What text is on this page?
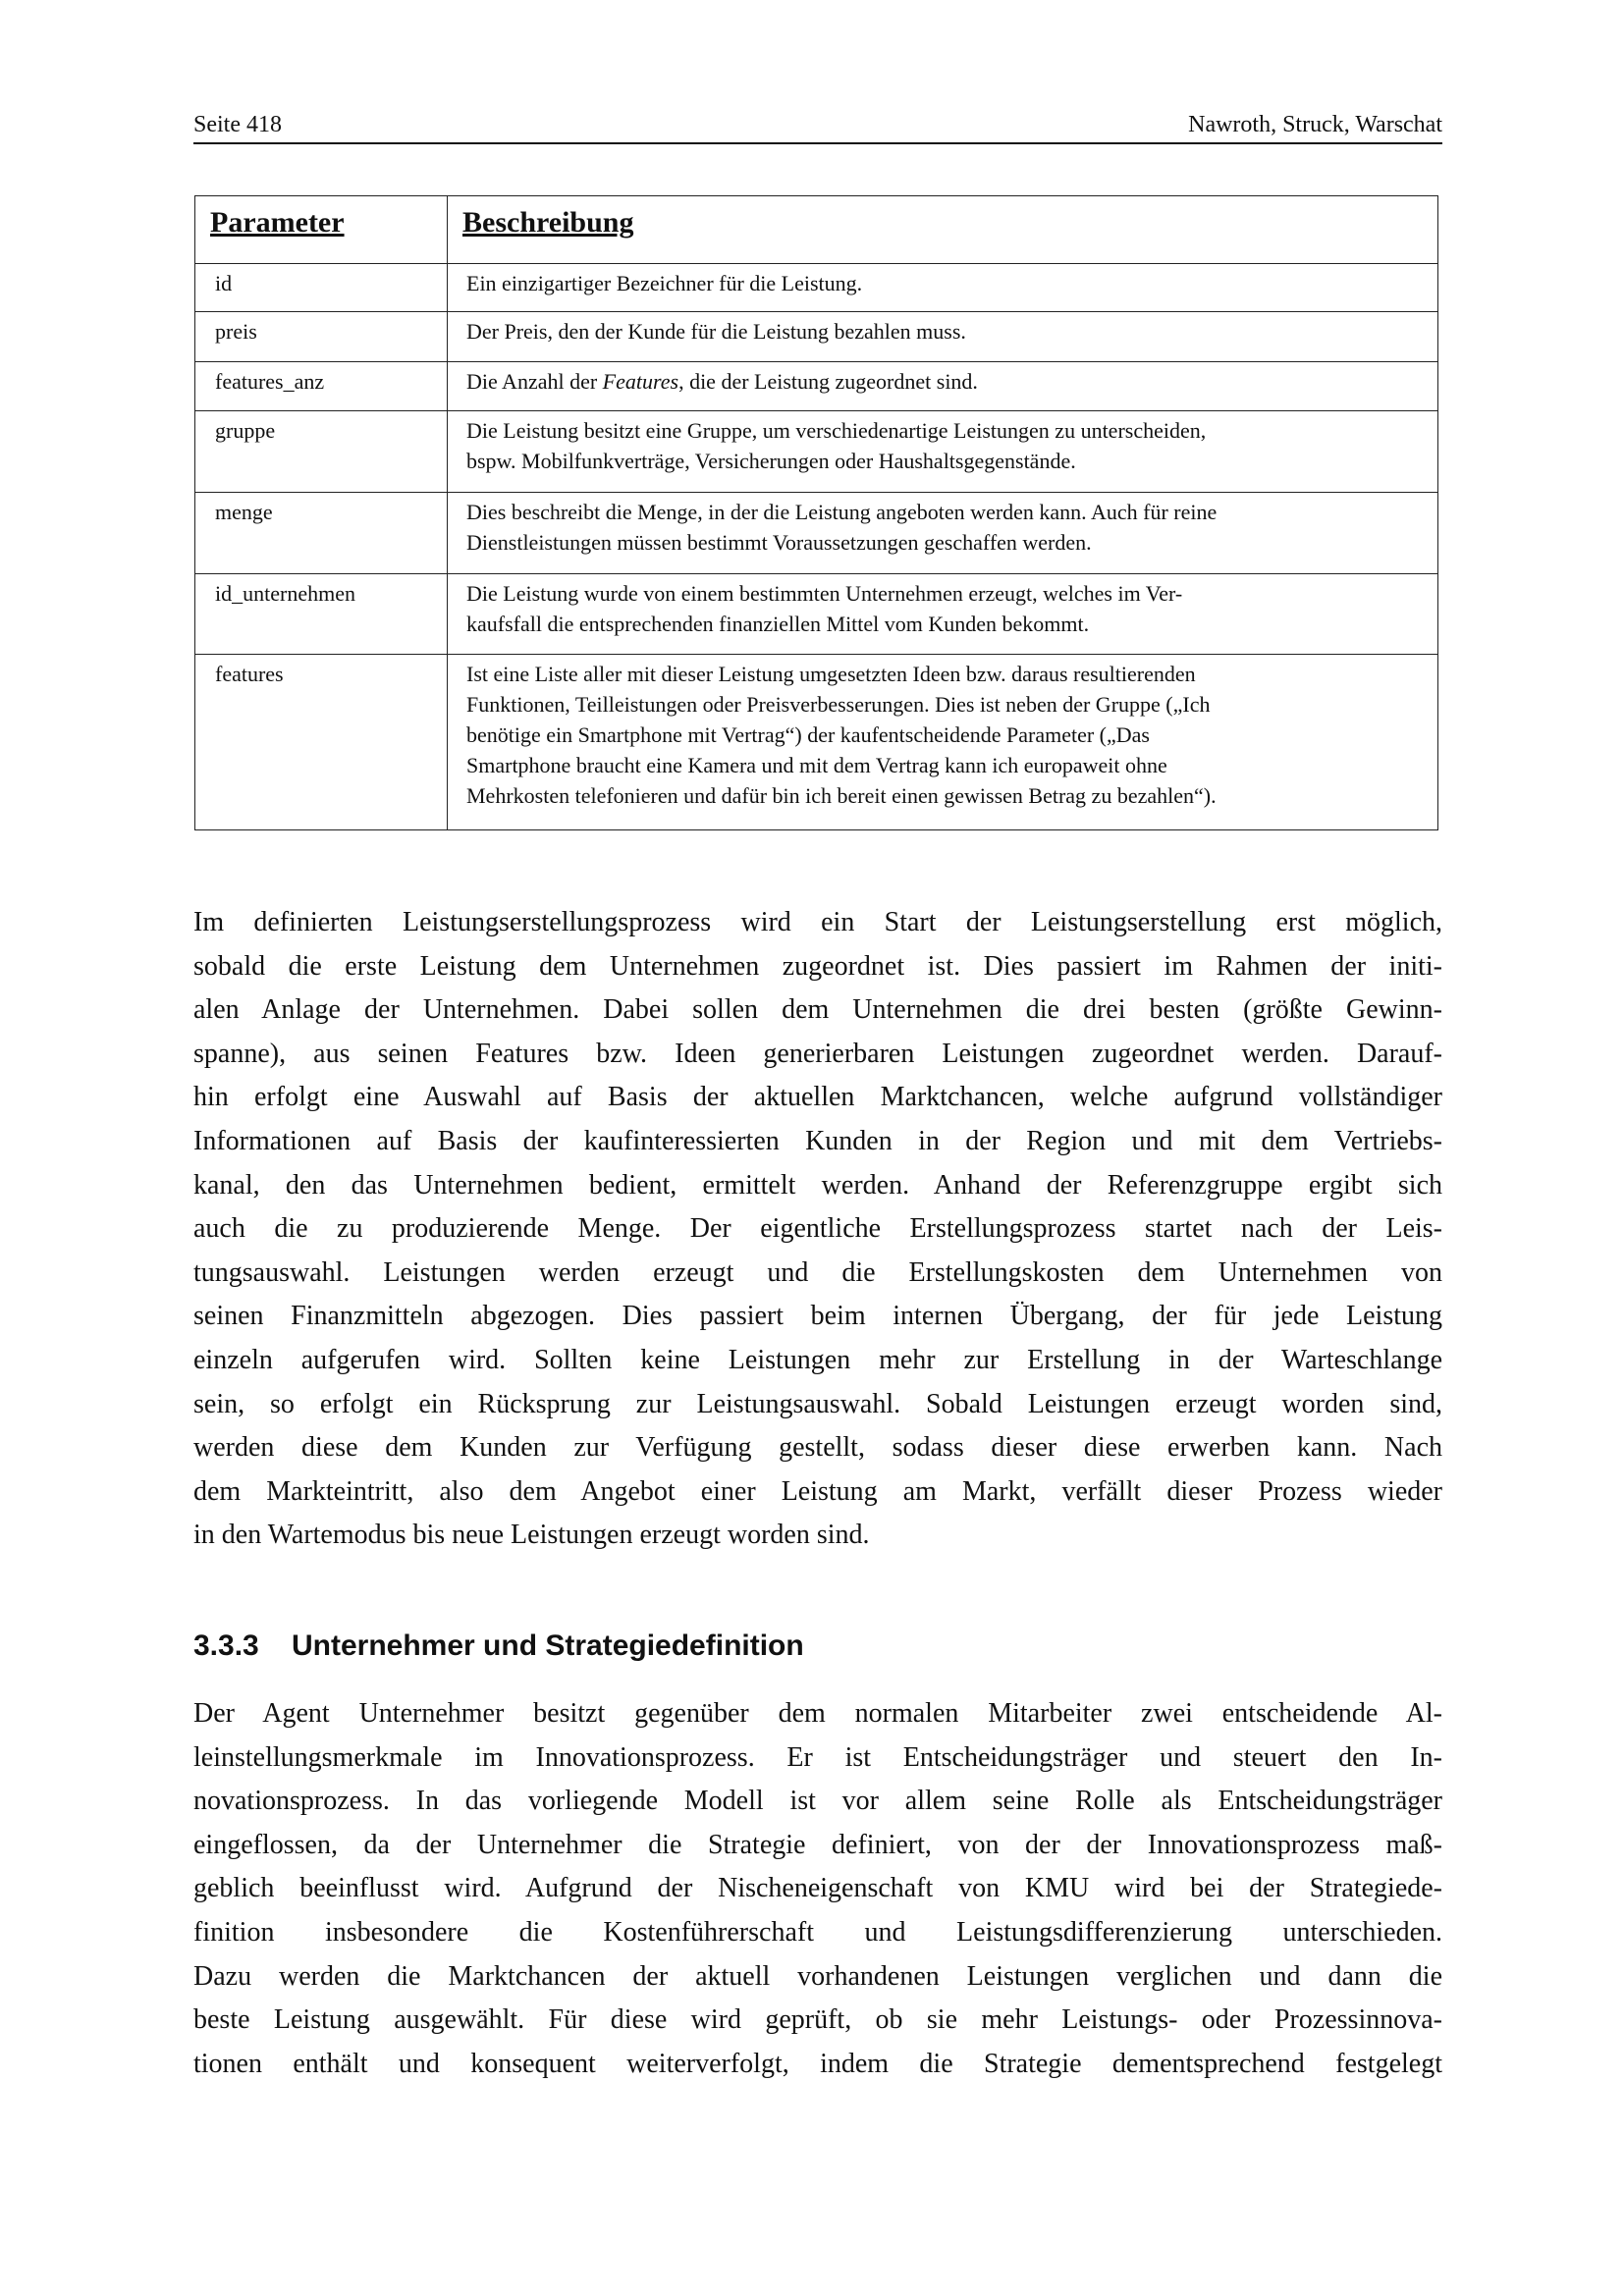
Seite 418	Nawroth, Struck, Warschat
Parameter	Beschreibung
id	Ein einzigartiger Bezeichner für die Leistung.

preis	Der Preis, den der Kunde für die Leistung bezahlen muss.

features_anz	Die Anzahl der Features, die der Leistung zugeordnet sind.

gruppe	Die Leistung besitzt eine Gruppe, um verschiedenartige Leistungen zu unterscheiden,
bspw. Mobilfunkverträge, Versicherungen oder Haushaltsgegenstände.

menge	Dies beschreibt die Menge, in der die Leistung angeboten werden kann. Auch für reine
Dienstleistungen müssen bestimmt Voraussetzungen geschaffen werden.

id_unternehmen	Die Leistung wurde von einem bestimmten Unternehmen erzeugt, welches im Ver-
kaufsfall die entsprechenden finanziellen Mittel vom Kunden bekommt.

features	Ist eine Liste aller mit dieser Leistung umgesetzten Ideen bzw. daraus resultierenden
Funktionen, Teilleistungen oder Preisverbesserungen. Dies ist neben der Gruppe („Ich
benötige ein Smartphone mit Vertrag“) der kaufentscheidende Parameter („Das
Smartphone braucht eine Kamera und mit dem Vertrag kann ich europaweit ohne
Mehrkosten telefonieren und dafür bin ich bereit einen gewissen Betrag zu bezahlen“).
Im definierten Leistungserstellungsprozess wird ein Start der Leistungserstellung erst möglich,
sobald die erste Leistung dem Unternehmen zugeordnet ist. Dies passiert im Rahmen der initi-
alen Anlage der Unternehmen. Dabei sollen dem Unternehmen die drei besten (größte Gewinn-
spanne), aus seinen Features bzw. Ideen generierbaren Leistungen zugeordnet werden. Darauf-
hin erfolgt eine Auswahl auf Basis der aktuellen Marktchancen, welche aufgrund vollständiger
Informationen auf Basis der kaufinteressierten Kunden in der Region und mit dem Vertriebs-
kanal, den das Unternehmen bedient, ermittelt werden. Anhand der Referenzgruppe ergibt sich
auch die zu produzierende Menge. Der eigentliche Erstellungsprozess startet nach der Leis-
tungsauswahl. Leistungen werden erzeugt und die Erstellungskosten dem Unternehmen von
seinen Finanzmitteln abgezogen. Dies passiert beim internen Übergang, der für jede Leistung
einzeln aufgerufen wird. Sollten keine Leistungen mehr zur Erstellung in der Warteschlange
sein, so erfolgt ein Rücksprung zur Leistungsauswahl. Sobald Leistungen erzeugt worden sind,
werden diese dem Kunden zur Verfügung gestellt, sodass dieser diese erwerben kann. Nach
dem Markteintritt, also dem Angebot einer Leistung am Markt, verfällt dieser Prozess wieder
in den Wartemodus bis neue Leistungen erzeugt worden sind.
3.3.3 Unternehmer und Strategiedefinition
Der Agent Unternehmer besitzt gegenüber dem normalen Mitarbeiter zwei entscheidende Al-
leinstellungsmerkmale im Innovationsprozess. Er ist Entscheidungsträger und steuert den In-
novationsprozess. In das vorliegende Modell ist vor allem seine Rolle als Entscheidungsträger
eingeflossen, da der Unternehmer die Strategie definiert, von der der Innovationsprozess maß-
geblich beeinflusst wird. Aufgrund der Nischeneigenschaft von KMU wird bei der Strategiede-
finition insbesondere die Kostenführerschaft und Leistungsdifferenzierung unterschieden.
Dazu werden die Marktchancen der aktuell vorhandenen Leistungen verglichen und dann die
beste Leistung ausgewählt. Für diese wird geprüft, ob sie mehr Leistungs- oder Prozessinnova-
tionen enthält und konsequent weiterverfolgt, indem die Strategie dementsprechend festgelegt
